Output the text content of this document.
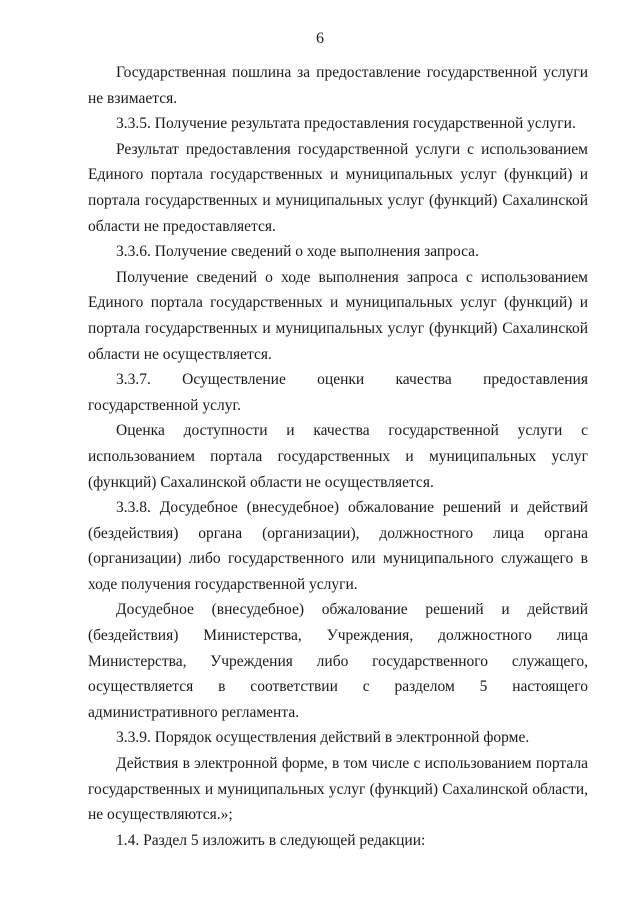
6

Государственная пошлина за предоставление государственной услуги не взимается.

3.3.5. Получение результата предоставления государственной услуги.

Результат предоставления государственной услуги с использованием Единого портала государственных и муниципальных услуг (функций) и портала государственных и муниципальных услуг (функций) Сахалинской области не предоставляется.

3.3.6. Получение сведений о ходе выполнения запроса.

Получение сведений о ходе выполнения запроса с использованием Единого портала государственных и муниципальных услуг (функций) и портала государственных и муниципальных услуг (функций) Сахалинской области не осуществляется.

3.3.7. Осуществление оценки качества предоставления государственной услуг.

Оценка доступности и качества государственной услуги с использованием портала государственных и муниципальных услуг (функций) Сахалинской области не осуществляется.

3.3.8. Досудебное (внесудебное) обжалование решений и действий (бездействия) органа (организации), должностного лица органа (организации) либо государственного или муниципального служащего в ходе получения государственной услуги.

Досудебное (внесудебное) обжалование решений и действий (бездействия) Министерства, Учреждения, должностного лица Министерства, Учреждения либо государственного служащего, осуществляется в соответствии с разделом 5 настоящего административного регламента.

3.3.9. Порядок осуществления действий в электронной форме.

Действия в электронной форме, в том числе с использованием портала государственных и муниципальных услуг (функций) Сахалинской области, не осуществляются.»;

1.4. Раздел 5 изложить в следующей редакции:
